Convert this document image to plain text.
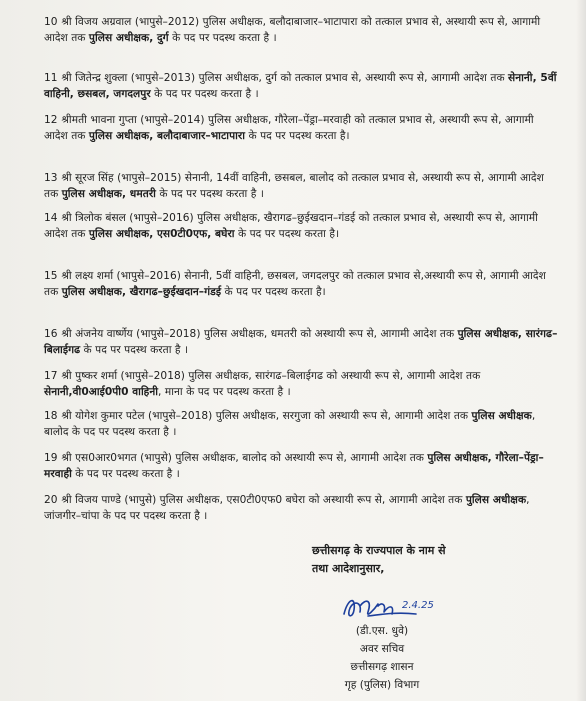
10 श्री विजय अग्रवाल (भापुसे–2012) पुलिस अधीक्षक, बलौदाबाजार–भाटापारा को तत्काल प्रभाव से, अस्थायी रूप से, आगामी आदेश तक पुलिस अधीक्षक, दुर्ग के पद पर पदस्थ करता है ।
11 श्री जितेन्द्र शुक्ला (भापुसे–2013) पुलिस अधीक्षक, दुर्ग को तत्काल प्रभाव से, अस्थायी रूप से, आगामी आदेश तक सेनानी, 5वीं वाहिनी, छसबल, जगदलपुर के पद पर पदस्थ करता है ।
12 श्रीमती भावना गुप्ता (भापुसे–2014) पुलिस अधीक्षक, गौरेला–पेंड्रा–मरवाही को तत्काल प्रभाव से, अस्थायी रूप से, आगामी आदेश तक पुलिस अधीक्षक, बलौदाबाजार–भाटापारा के पद पर पदस्थ करता है।
13 श्री सूरज सिंह (भापुसे–2015) सेनानी, 14वीं वाहिनी, छसबल, बालोद को तत्काल प्रभाव से, अस्थायी रूप से, आगामी आदेश तक पुलिस अधीक्षक, धमतरी के पद पर पदस्थ करता है ।
14 श्री त्रिलोक बंसल (भापुसे–2016) पुलिस अधीक्षक, खैरागढ–छुईखदान–गंडई को तत्काल प्रभाव से, अस्थायी रूप से, आगामी आदेश तक पुलिस अधीक्षक, एस0टी0एफ, बघेरा के पद पर पदस्थ करता है।
15 श्री लक्ष्य शर्मा (भापुसे–2016) सेनानी, 5वीं वाहिनी, छसबल, जगदलपुर को तत्काल प्रभाव से,अस्थायी रूप से, आगामी आदेश तक पुलिस अधीक्षक, खैरागढ–छुईखदान–गंडई के पद पर पदस्थ करता है।
16 श्री अंजनेय वार्ष्णेय (भापुसे–2018) पुलिस अधीक्षक, धमतरी को अस्थायी रूप से, आगामी आदेश तक पुलिस अधीक्षक, सारंगढ–बिलाईगढ के पद पर पदस्थ करता है ।
17 श्री पुष्कर शर्मा (भापुसे–2018) पुलिस अधीक्षक, सारंगढ–बिलाईगढ को अस्थायी रूप से, आगामी आदेश तक सेनानी,वी0आई0पी0 वाहिनी, माना के पद पर पदस्थ करता है ।
18 श्री योगेश कुमार पटेल (भापुसे–2018) पुलिस अधीक्षक, सरगुजा को अस्थायी रूप से, आगामी आदेश तक पुलिस अधीक्षक, बालोद के पद पर पदस्थ करता है ।
19 श्री एस0आर0भगत (भापुसे) पुलिस अधीक्षक, बालोद को अस्थायी रूप से, आगामी आदेश तक पुलिस अधीक्षक, गौरेला–पेंड्रा–मरवाही के पद पर पदस्थ करता है ।
20 श्री विजय पाण्डे (भापुसे) पुलिस अधीक्षक, एस0टी0एफ0 बघेरा को अस्थायी रूप से, आगामी आदेश तक पुलिस अधीक्षक, जांजगीर–चांपा के पद पर पदस्थ करता है ।
छत्तीसगढ़ के राज्यपाल के नाम से
तथा आदेशानुसार,
2.4.25
(डी.एस. धुवे)
अवर सचिव
छत्तीसगढ़ शासन
गृह (पुलिस) विभाग
